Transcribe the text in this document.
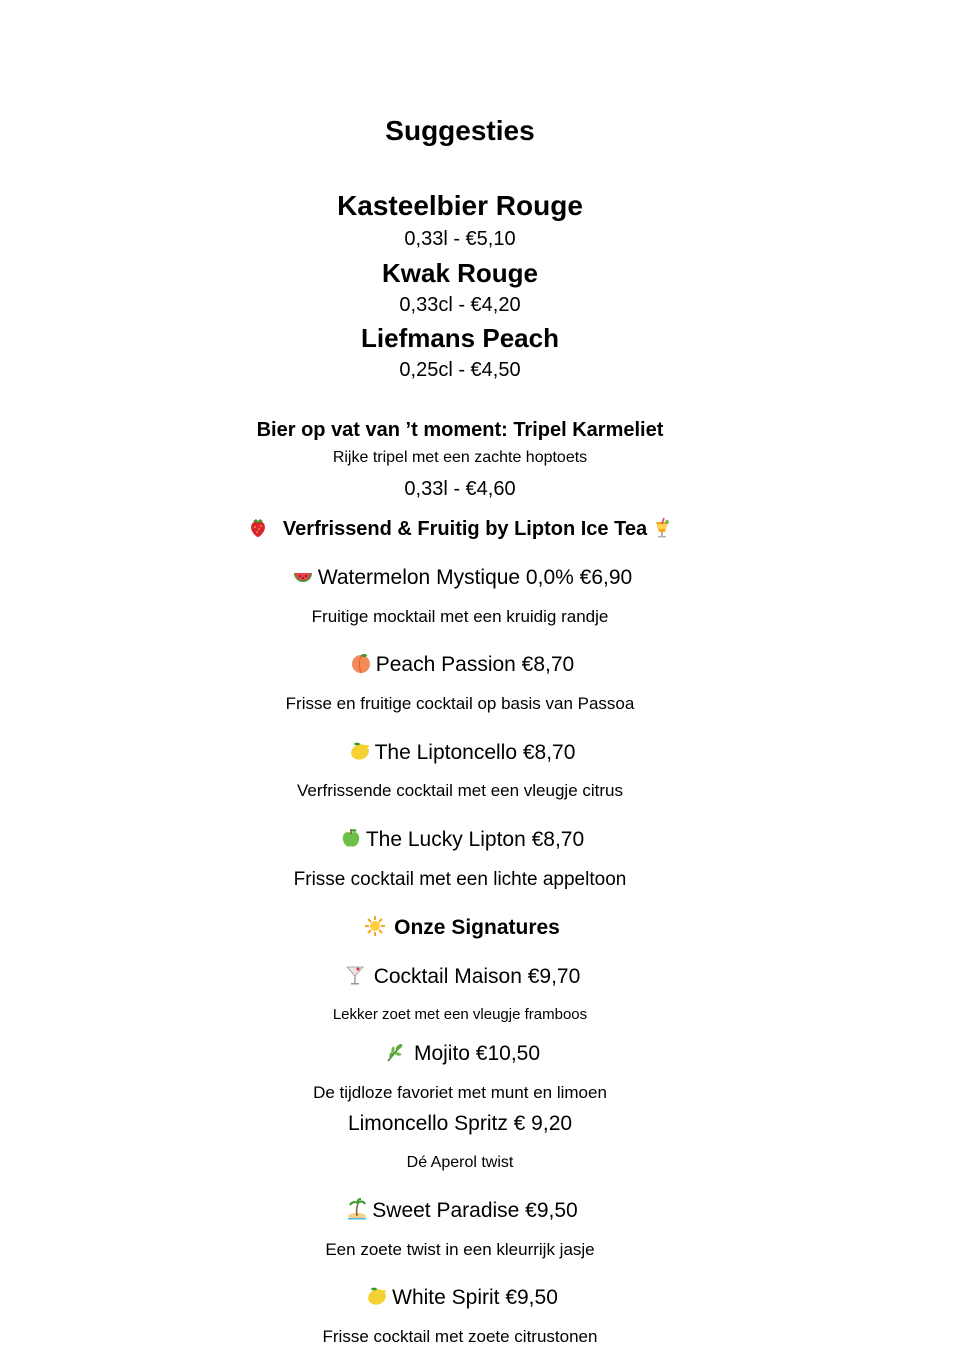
Suggesties
Kasteelbier Rouge
0,33l - €5,10
Kwak Rouge
0,33cl - €4,20
Liefmans Peach
0,25cl - €4,50
Bier op vat van ’t moment: Tripel Karmeliet
Rijke tripel met een zachte hoptoets
0,33l - €4,60
Verfrissend & Fruitig by Lipton Ice Tea
Watermelon Mystique 0,0% €6,90
Fruitige mocktail met een kruidig randje
Peach Passion €8,70
Frisse en fruitige cocktail op basis van Passoa
The Liptoncello €8,70
Verfrissende cocktail met een vleugje citrus
The Lucky Lipton €8,70
Frisse cocktail met een lichte appeltoon
Onze Signatures
Cocktail Maison €9,70
Lekker zoet met een vleugje framboos
Mojito €10,50
De tijdloze favoriet met munt en limoen
Limoncello Spritz € 9,20
Dé Aperol twist
Sweet Paradise €9,50
Een zoete twist in een kleurrijk jasje
White Spirit €9,50
Frisse cocktail met zoete citrustonen
